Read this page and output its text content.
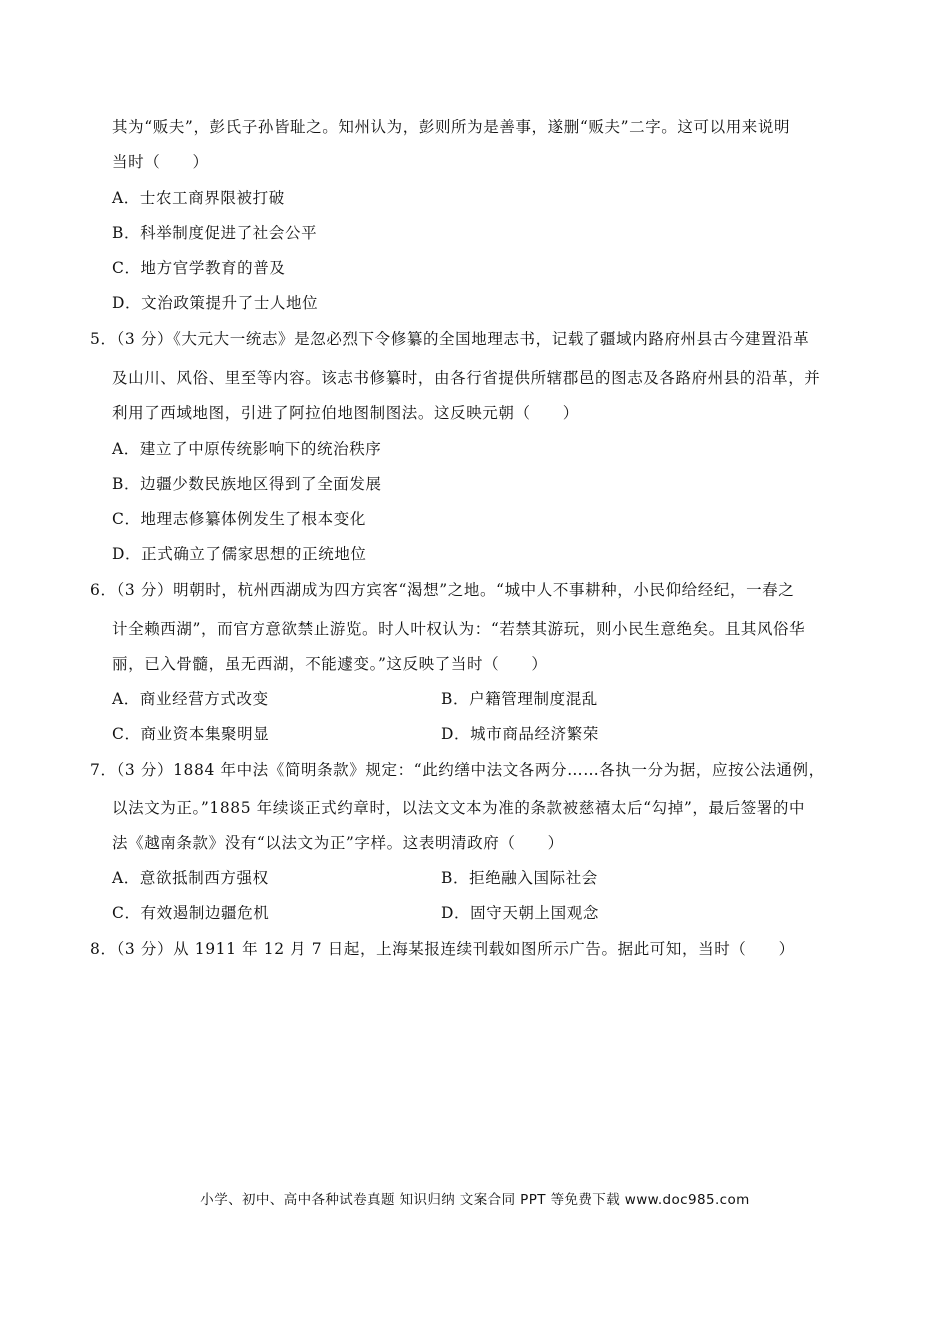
其为“贩夫”，彭氏子孙皆耻之。知州认为，彭则所为是善事，遂删“贩夫”二字。这可以用来说明
当时（　　）
A．士农工商界限被打破
B．科举制度促进了社会公平
C．地方官学教育的普及
D．文治政策提升了士人地位
5．（3 分）《大元大一统志》是忽必烈下令修纂的全国地理志书，记载了疆域内路府州县古今建置沿革
及山川、风俗、里至等内容。该志书修纂时，由各行省提供所辖郡邑的图志及各路府州县的沿革，并
利用了西域地图，引进了阿拉伯地图制图法。这反映元朝（　　）
A．建立了中原传统影响下的统治秩序
B．边疆少数民族地区得到了全面发展
C．地理志修纂体例发生了根本变化
D．正式确立了儒家思想的正统地位
6．（3 分）明朝时，杭州西湖成为四方宾客“渴想”之地。“城中人不事耕种，小民仰给经纪，一春之
计全赖西湖”，而官方意欲禁止游览。时人叶权认为：“若禁其游玩，则小民生意绝矣。且其风俗华
丽，已入骨髓，虽无西湖，不能遽变。”这反映了当时（　　）
A．商业经营方式改变	B．户籍管理制度混乱
C．商业资本集聚明显	D．城市商品经济繁荣
7．（3 分）1884 年中法《简明条款》规定：“此约缮中法文各两分……各执一分为据，应按公法通例，
以法文为正。”1885 年续谈正式约章时，以法文文本为准的条款被慈禧太后“勾掉”，最后签署的中
法《越南条款》没有“以法文为正”字样。这表明清政府（　　）
A．意欲抵制西方强权	B．拒绝融入国际社会
C．有效遏制边疆危机	D．固守天朝上国观念
8．（3 分）从 1911 年 12 月 7 日起，上海某报连续刊载如图所示广告。据此可知，当时（　　）
小学、初中、高中各种试卷真题 知识归纳 文案合同 PPT 等免费下载 www.doc985.com
